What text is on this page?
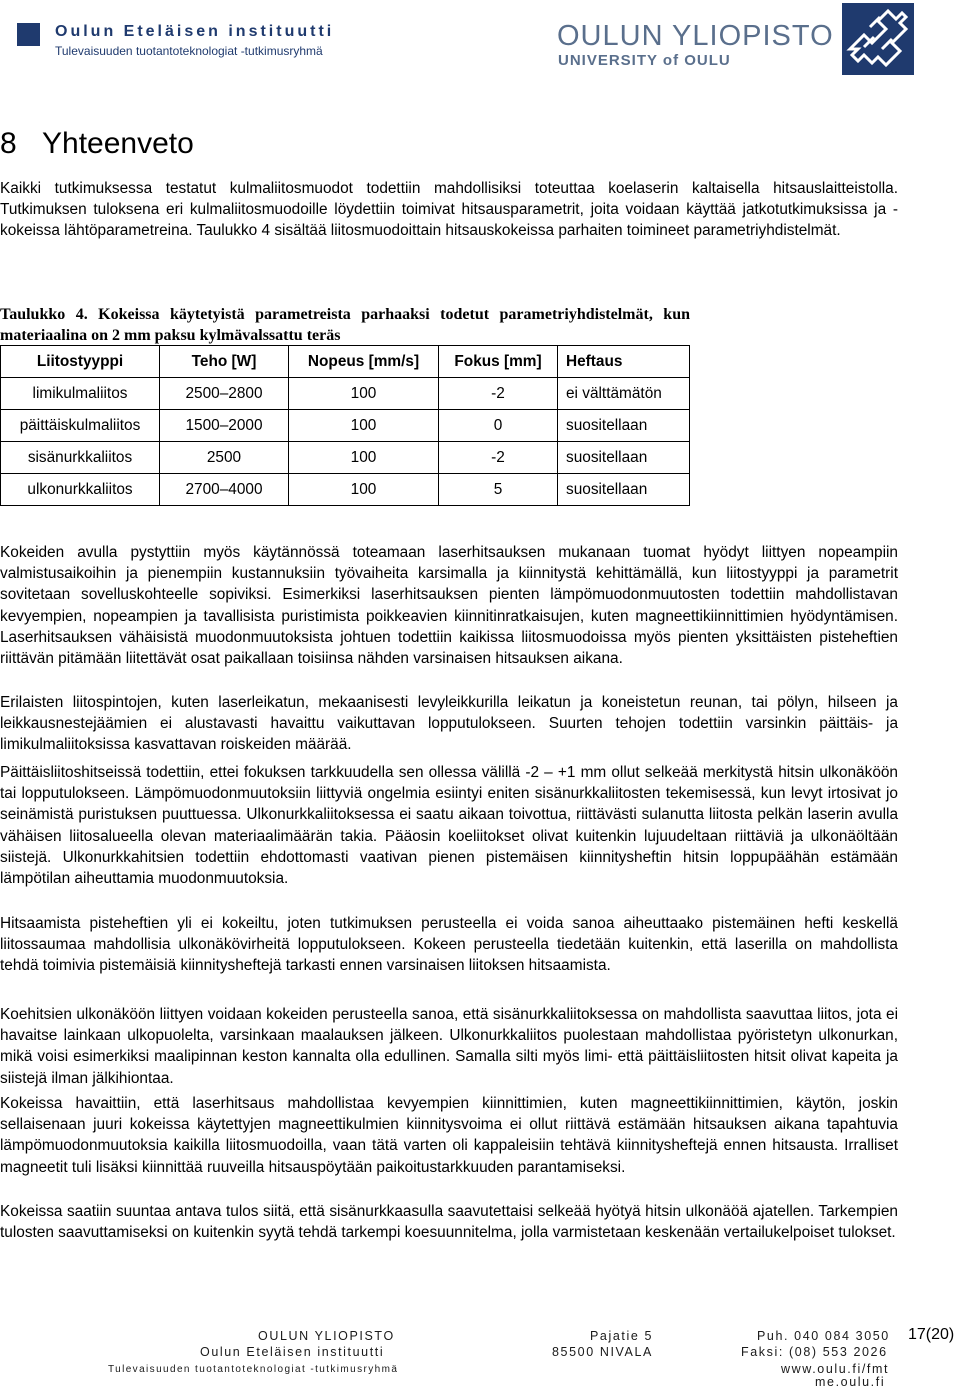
Oulun Eteläisen instituutti
Tulevaisuuden tuotantoteknologiat -tutkimusryhmä	OULUN YLIOPISTO
UNIVERSITY of OULU
8 Yhteenveto

Kaikki tutkimuksessa testatut kulmaliitosmuodot todettiin mahdollisiksi toteuttaa koelaserin kaltaisella hitsauslaitteistolla. Tutkimuksen tuloksena eri kulmaliitosmuodoille löydettiin toimivat hitsausparametrit, joita voidaan käyttää jatkotutkimuksissa ja -kokeissa lähtöparametreina. Taulukko 4 sisältää liitosmuodoittain hitsauskokeissa parhaiten toimineet parametriyhdistelmät.

Taulukko 4. Kokeissa käytetyistä parametreista parhaaksi todetut parametriyhdistelmät, kun materiaalina on 2 mm paksu kylmävalssattu teräs

Liitostyyppi	Teho [W]	Nopeus [mm/s]	Fokus [mm]	Heftaus
limikulmaliitos	2500–2800	100	-2	ei välttämätön
päittäiskulmaliitos	1500–2000	100	0	suositellaan
sisänurkkaliitos	2500	100	-2	suositellaan
ulkonurkkaliitos	2700–4000	100	5	suositellaan

Kokeiden avulla pystyttiin myös käytännössä toteamaan laserhitsauksen mukanaan tuomat hyödyt liittyen nopeampiin valmistusaikoihin ja pienempiin kustannuksiin työvaiheita karsimalla ja kiinnitystä kehittämällä, kun liitostyyppi ja parametrit sovitetaan sovelluskohteelle sopiviksi. Esimerkiksi laserhitsauksen pienten lämpömuodonmuutosten todettiin mahdollistavan kevyempien, nopeampien ja tavallisista puristimista poikkeavien kiinnitinratkaisujen, kuten magneettikiinnittimien hyödyntämisen. Laserhitsauksen vähäisistä muodonmuutoksista johtuen todettiin kaikissa liitosmuodoissa myös pienten yksittäisten pisteheftien riittävän pitämään liitettävät osat paikallaan toisiinsa nähden varsinaisen hitsauksen aikana.

Erilaisten liitospintojen, kuten laserleikatun, mekaanisesti levyleikkurilla leikatun ja koneistetun reunan, tai pölyn, hilseen ja leikkausnestejäämien ei alustavasti havaittu vaikuttavan lopputulokseen. Suurten tehojen todettiin varsinkin päittäis- ja limikulmaliitoksissa kasvattavan roiskeiden määrää.

Päittäisliitoshitseissä todettiin, ettei fokuksen tarkkuudella sen ollessa välillä -2 – +1 mm ollut selkeää merkitystä hitsin ulkonäköön tai lopputulokseen. Lämpömuodonmuutoksiin liittyviä ongelmia esiintyi eniten sisänurkkaliitosten tekemisessä, kun levyt irtosivat jo seinämistä puristuksen puuttuessa. Ulkonurkkaliitoksessa ei saatu aikaan toivottua, riittävästi sulanutta liitosta pelkän laserin avulla vähäisen liitosalueella olevan materiaalimäärän takia. Pääosin koeliitokset olivat kuitenkin lujuudeltaan riittäviä ja ulkonäöltään siistejä. Ulkonurkkahitsien todettiin ehdottomasti vaativan pienen pistemäisen kiinnitysheftin hitsin loppupäähän estämään lämpötilan aiheuttamia muodonmuutoksia.

Hitsaamista pisteheftien yli ei kokeiltu, joten tutkimuksen perusteella ei voida sanoa aiheuttaako pistemäinen hefti keskellä liitossaumaa mahdollisia ulkonäkövirheitä lopputulokseen. Kokeen perusteella tiedetään kuitenkin, että laserilla on mahdollista tehdä toimivia pistemäisiä kiinnitysheftejä tarkasti ennen varsinaisen liitoksen hitsaamista.

Koehitsien ulkonäköön liittyen voidaan kokeiden perusteella sanoa, että sisänurkkaliitoksessa on mahdollista saavuttaa liitos, jota ei havaitse lainkaan ulkopuolelta, varsinkaan maalauksen jälkeen. Ulkonurkkaliitos puolestaan mahdollistaa pyöristetyn ulkonurkan, mikä voisi esimerkiksi maalipinnan keston kannalta olla edullinen. Samalla silti myös limi- että päittäisliitosten hitsit olivat kapeita ja siistejä ilman jälkihiontaa.

Kokeissa havaittiin, että laserhitsaus mahdollistaa kevyempien kiinnittimien, kuten magneettikiinnittimien, käytön, joskin sellaisenaan juuri kokeissa käytettyjen magneettikulmien kiinnitysvoima ei ollut riittävä estämään hitsauksen aikana tapahtuvia lämpömuodonmuutoksia kaikilla liitosmuodoilla, vaan tätä varten oli kappaleisiin tehtävä kiinnitysheftejä ennen hitsausta. Irralliset magneetit tuli lisäksi kiinnittää ruuveilla hitsauspöytään paikoitustarkkuuden parantamiseksi.

Kokeissa saatiin suuntaa antava tulos siitä, että sisänurkkaasulla saavutettaisi selkeää hyötyä hitsin ulkonäöä ajatellen. Tarkempien tulosten saavuttamiseksi on kuitenkin syytä tehdä tarkempi koesuunnitelma, jolla varmistetaan keskenään vertailukelpoiset tulokset.

OULUN YLIOPISTO
Oulun Eteläisen instituutti
Tulevaisuuden tuotantoteknologiat -tutkimusryhmä
Pajatie 5
85500 NIVALA
Puh. 040 084 3050
Faksi: (08) 553 2026
www.oulu.fi/fmt
me.oulu.fi
17(20)
